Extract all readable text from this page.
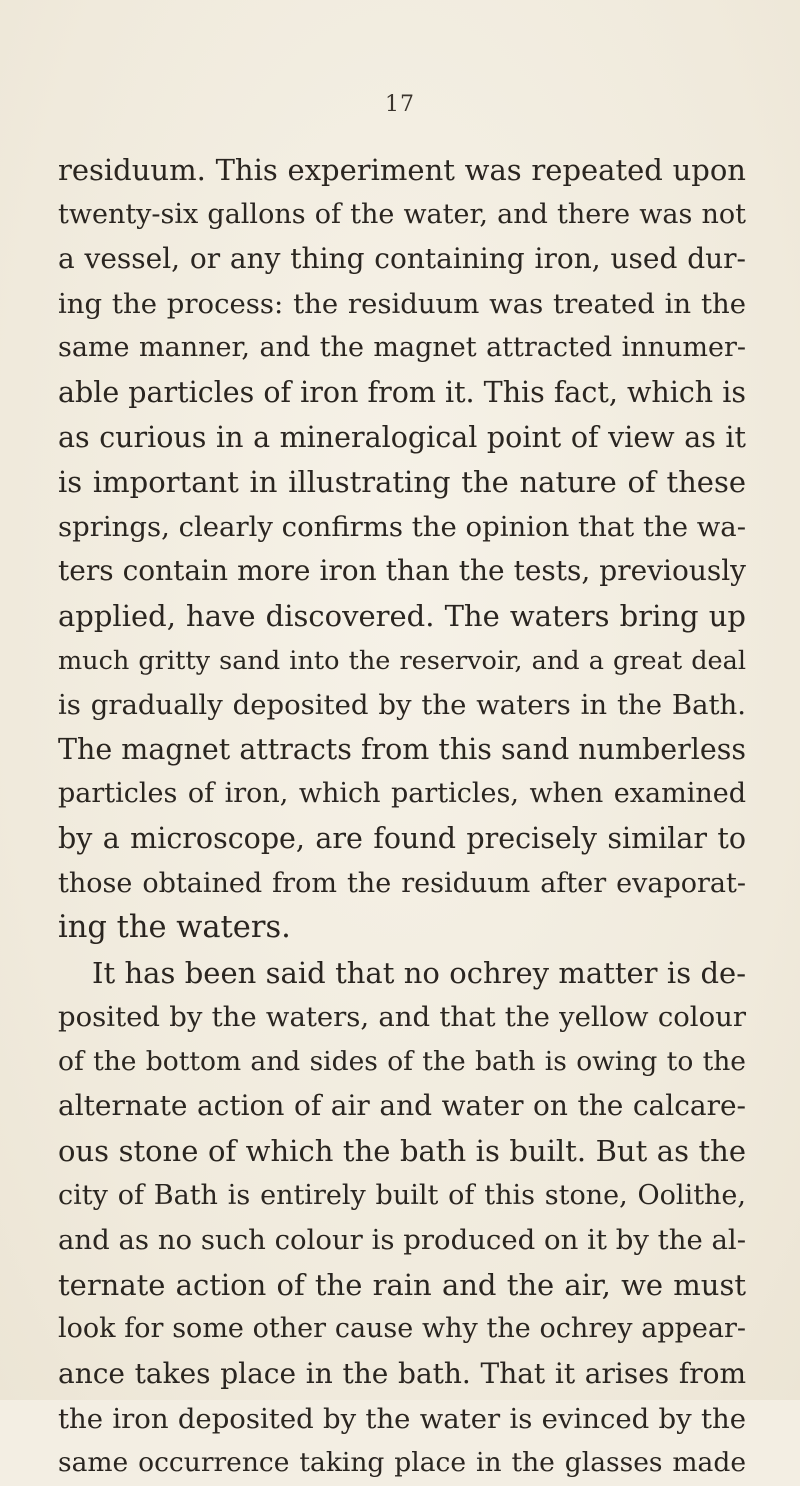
17
residuum. This experiment was repeated upon
twenty-six gallons of the water, and there was not
a vessel, or any thing containing iron, used dur-
ing the process: the residuum was treated in the
same manner, and the magnet attracted innumer-
able particles of iron from it. This fact, which is
as curious in a mineralogical point of view as it
is important in illustrating the nature of these
springs, clearly confirms the opinion that the wa-
ters contain more iron than the tests, previously
applied, have discovered. The waters bring up
much gritty sand into the reservoir, and a great deal
is gradually deposited by the waters in the Bath.
The magnet attracts from this sand numberless
particles of iron, which particles, when examined
by a microscope, are found precisely similar to
those obtained from the residuum after evaporat-
ing the waters.
It has been said that no ochrey matter is de-
posited by the waters, and that the yellow colour
of the bottom and sides of the bath is owing to the
alternate action of air and water on the calcare-
ous stone of which the bath is built. But as the
city of Bath is entirely built of this stone, Oolithe,
and as no such colour is produced on it by the al-
ternate action of the rain and the air, we must
look for some other cause why the ochrey appear-
ance takes place in the bath. That it arises from
the iron deposited by the water is evinced by the
same occurrence taking place in the glasses made
